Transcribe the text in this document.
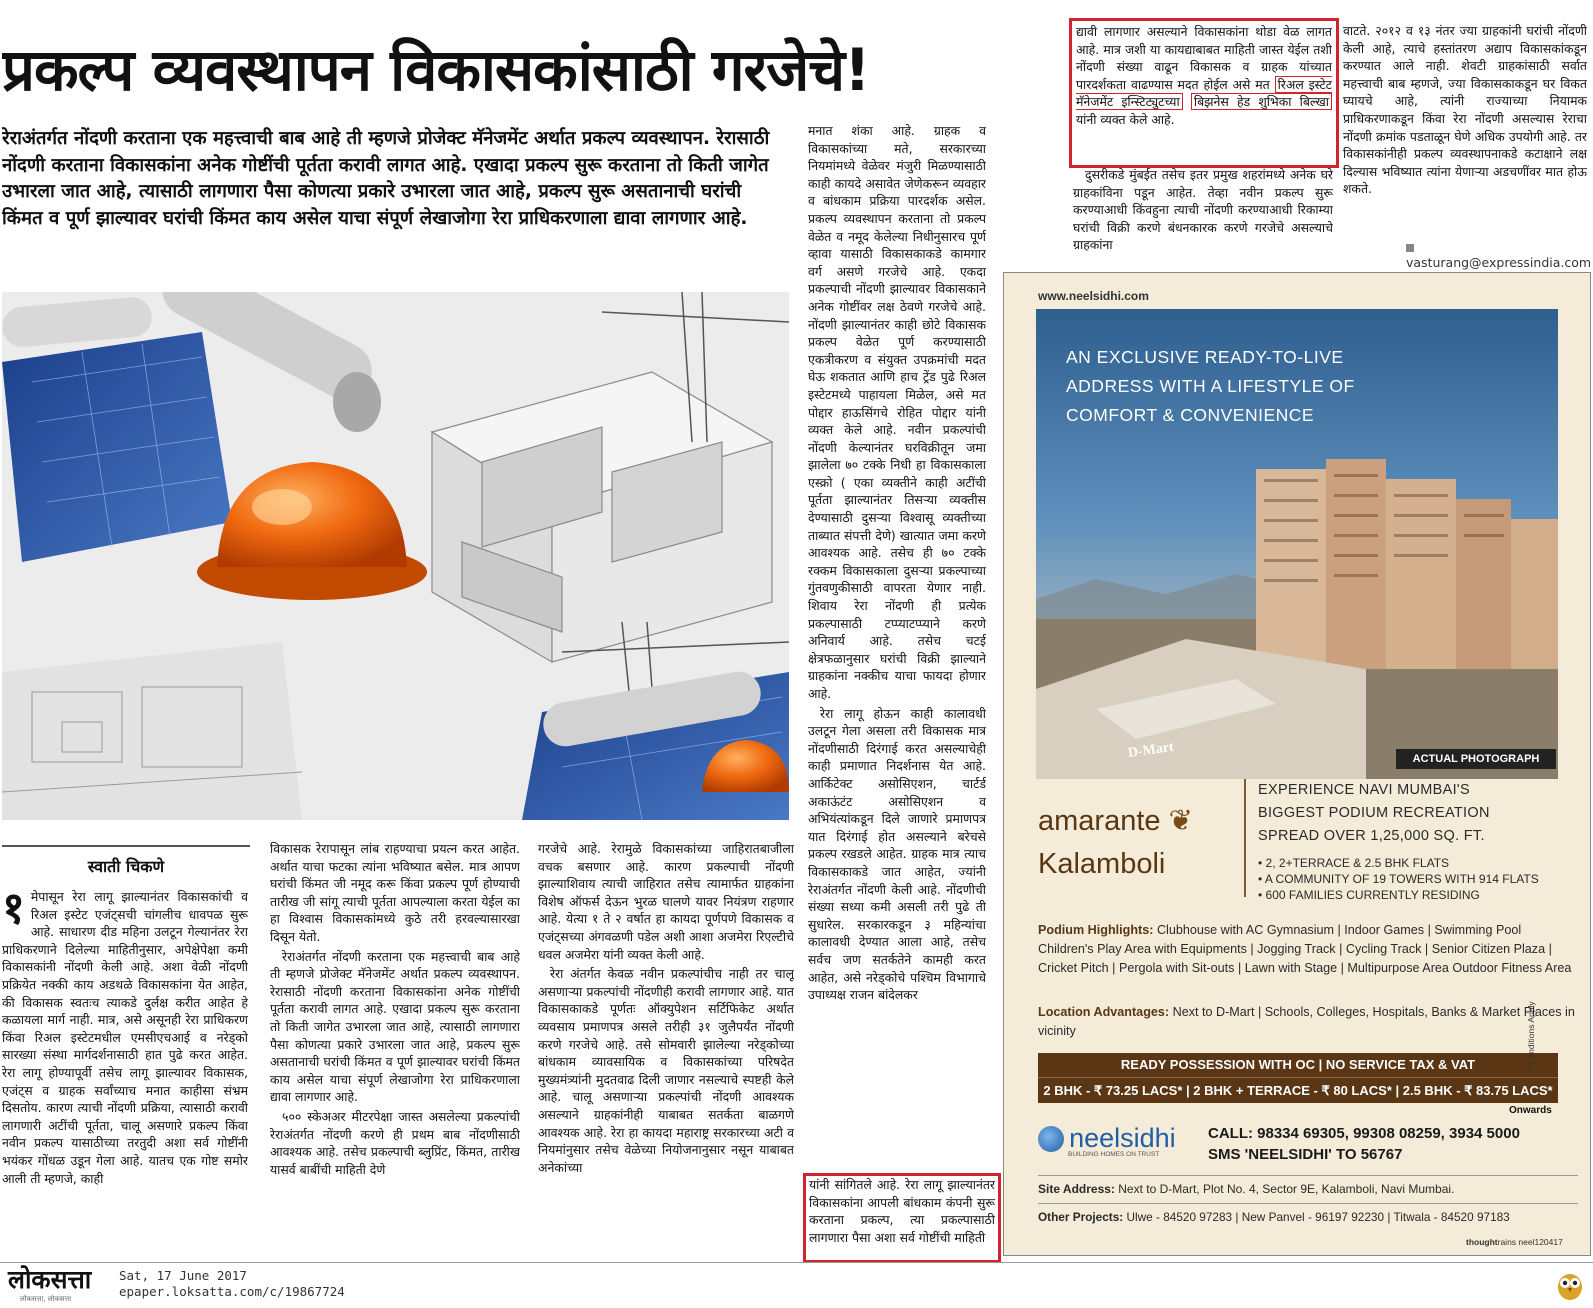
प्रकल्प व्यवस्थापन विकासकांसाठी गरजेचे!
रेराअंतर्गत नोंदणी करताना एक महत्त्वाची बाब आहे ती म्हणजे प्रोजेक्ट मॅनेजमेंट अर्थात प्रकल्प व्यवस्थापन. रेरासाठी नोंदणी करताना विकासकांना अनेक गोष्टींची पूर्तता करावी लागत आहे. एखादा प्रकल्प सुरू करताना तो किती जागेत उभारला जात आहे, त्यासाठी लागणारा पैसा कोणत्या प्रकारे उभारला जात आहे, प्रकल्प सुरू असतानाची घरांची किंमत व पूर्ण झाल्यावर घरांची किंमत काय असेल याचा संपूर्ण लेखाजोगा रेरा प्राधिकरणाला द्यावा लागणार आहे.
स्वाती चिकणे
१ मेपासून रेरा लागू झाल्यानंतर विकासकांची व रिअल इस्टेट एजंट्सची चांगलीच धावपळ सुरू आहे. साधारण दीड महिना उलटून गेल्यानंतर रेरा प्राधिकरणाने दिलेल्या माहितीनुसार, अपेक्षेपेक्षा कमी विकासकांनी नोंदणी केली आहे. अशा वेळी नोंदणी प्रक्रियेत नक्की काय अडथळे विकासकांना येत आहेत, की विकासक स्वतःच त्याकडे दुर्लक्ष करीत आहेत हे कळायला मार्ग नाही. मात्र, असे असूनही रेरा प्राधिकरण किंवा रिअल इस्टेटमधील एमसीएचआई व नरेड्को सारख्या संस्था मार्गदर्शनासाठी हात पुढे करत आहेत. रेरा लागू होण्यापूर्वी तसेच लागू झाल्यावर विकासक, एजंट्स व ग्राहक सर्वांच्याच मनात काहीसा संभ्रम दिसतोय. कारण त्याची नोंदणी प्रक्रिया, त्यासाठी करावी लागणारी अटींची पूर्तता, चालू असणारे प्रकल्प किंवा नवीन प्रकल्प यासाठीच्या तरतुदी अशा सर्व गोष्टींनी भयंकर गोंधळ उडून गेला आहे. यातच एक गोष्ट समोर आली ती म्हणजे, काही

विकासक रेरापासून लांब राहण्याचा प्रयत्न करत आहेत. अर्थात याचा फटका त्यांना भविष्यात बसेल. मात्र आपण घरांची किंमत जी नमूद करू किंवा प्रकल्प पूर्ण होण्याची तारीख जी सांगू त्याची पूर्तता आपल्याला करता येईल का हा विश्वास विकासकांमध्ये कुठे तरी हरवल्यासारखा दिसून येतो.

रेराअंतर्गत नोंदणी करताना एक महत्त्वाची बाब आहे ती म्हणजे प्रोजेक्ट मॅनेजमेंट अर्थात प्रकल्प व्यवस्थापन. रेरासाठी नोंदणी करताना विकासकांना अनेक गोष्टींची पूर्तता करावी लागत आहे. एखादा प्रकल्प सुरू करताना तो किती जागेत उभारला जात आहे, त्यासाठी लागणारा पैसा कोणत्या प्रकारे उभारला जात आहे, प्रकल्प सुरू असतानाची घरांची किंमत व पूर्ण झाल्यावर घरांची किंमत काय असेल याचा संपूर्ण लेखाजोगा रेरा प्राधिकरणाला द्यावा लागणार आहे.

५०० स्केअअर मीटरपेक्षा जास्त असलेल्या प्रकल्पांची रेराअंतर्गत नोंदणी करणे ही प्रथम बाब नोंदणीसाठी आवश्यक आहे. तसेच प्रकल्पाची ब्लुप्रिंट, किंमत, तारीख यासर्व बाबींची माहिती देणे

गरजेचे आहे. रेरामुळे विकासकांच्या जाहिरातबाजीला वचक बसणार आहे. कारण प्रकल्पाची नोंदणी झाल्याशिवाय त्याची जाहिरात तसेच त्यामार्फत ग्राहकांना विशेष ऑफर्स देऊन भुरळ घालणे यावर नियंत्रण राहणार आहे. येत्या १ ते २ वर्षात हा कायदा पूर्णपणे विकासक व एजंट्सच्या अंगवळणी पडेल अशी आशा अजमेरा रिएल्टीचे धवल अजमेरा यांनी व्यक्त केली आहे.

रेरा अंतर्गत केवळ नवीन प्रकल्पांचीच नाही तर चालू असणाऱ्या प्रकल्पांची नोंदणीही करावी लागणार आहे. यात विकासकाकडे पूर्णतः ऑक्युपेशन सर्टिफिकेट अर्थात व्यवसाय प्रमाणपत्र असले तरीही ३१ जुलैपर्यंत नोंदणी करणे गरजेचे आहे. तसे सोमवारी झालेल्या नरेड्कोच्या बांधकाम व्यावसायिक व विकासकांच्या परिषदेत मुख्यमंत्र्यांनी मुदतवाढ दिली जाणार नसल्याचे स्पष्टही केले आहे. चालू असणाऱ्या प्रकल्पांची नोंदणी आवश्यक असल्याने ग्राहकांनीही याबाबत सतर्कता बाळगणे आवश्यक आहे. रेरा हा कायदा महाराष्ट्र सरकारच्या अटी व नियमांनुसार तसेच वेळेच्या नियोजनानुसार नसून याबाबत अनेकांच्या

मनात शंका आहे. ग्राहक व विकासकांच्या मते, सरकारच्या नियमांमध्ये वेळेवर मंजुरी मिळण्यासाठी काही कायदे असावेत जेणेकरून व्यवहार व बांधकाम प्रक्रिया पारदर्शक असेल. प्रकल्प व्यवस्थापन करताना तो प्रकल्प वेळेत व नमूद केलेल्या निधीनुसारच पूर्ण व्हावा यासाठी विकासकाकडे कामगार वर्ग असणे गरजेचे आहे. एकदा प्रकल्पाची नोंदणी झाल्यावर विकासकाने अनेक गोष्टींवर लक्ष ठेवणे गरजेचे आहे. नोंदणी झाल्यानंतर काही छोटे विकासक प्रकल्प वेळेत पूर्ण करण्यासाठी एकत्रीकरण व संयुक्त उपक्रमांची मदत घेऊ शकतात आणि हाच ट्रेंड पुढे रिअल इस्टेटमध्ये पाहायला मिळेल, असे मत पोद्दार हाऊसिंगचे रोहित पोद्दार यांनी व्यक्त केले आहे. नवीन प्रकल्पांची नोंदणी केल्यानंतर घरविक्रीतून जमा झालेला ७० टक्के निधी हा विकासकाला एस्क्रो ( एका व्यक्तीने काही अटींची पूर्तता झाल्यानंतर तिसऱ्या व्यक्तीस देण्यासाठी दुसऱ्या विश्वासू व्यक्तीच्या ताब्यात संपत्ती देणे) खात्यात जमा करणे आवश्यक आहे. तसेच ही ७० टक्के रक्कम विकासकाला दुसऱ्या प्रकल्पाच्या गुंतवणुकीसाठी वापरता येणार नाही. शिवाय रेरा नोंदणी ही प्रत्येक प्रकल्पासाठी टप्प्याटप्प्याने करणे अनिवार्य आहे. तसेच चटई क्षेत्रफळानुसार घरांची विक्री झाल्याने ग्राहकांना नक्कीच याचा फायदा होणार आहे.

रेरा लागू होऊन काही कालावधी उलटून गेला असला तरी विकासक मात्र नोंदणीसाठी दिरंगाई करत असल्याचेही काही प्रमाणात निदर्शनास येत आहे. आर्किटेक्ट असोसिएशन, चार्टर्ड अकाऊंटंट असोसिएशन व अभियंत्यांकडून दिले जाणारे प्रमाणपत्र यात दिरंगाई होत असल्याने बरेचसे प्रकल्प रखडले आहेत. ग्राहक मात्र त्याच विकासकाकडे जात आहेत, ज्यांनी रेराअंतर्गत नोंदणी केली आहे. नोंदणीची संख्या सध्या कमी असली तरी पुढे ती सुधारेल. सरकारकडून ३ महिन्यांचा कालावधी देण्यात आला आहे, तसेच सर्वच जण सतर्कतेने कामही करत आहेत, असे नरेड्कोचे पश्चिम विभागाचे उपाध्यक्ष राजन बांदेलकर

यांनी सांगितले आहे. रेरा लागू झाल्यानंतर विकासकांना आपली बांधकाम कंपनी सुरू करताना प्रकल्प, त्या प्रकल्पासाठी लागणारा पैसा अशा सर्व गोष्टींची माहिती
द्यावी लागणार असल्याने विकासकांना थोडा वेळ लागत आहे. मात्र जशी या कायद्याबाबत माहिती जास्त येईल तशी नोंदणी संख्या वाढून विकासक व ग्राहक यांच्यात पारदर्शकता वाढण्यास मदत होईल असे मत रिअल इस्टेट मॅनेजमेंट इन्स्टिट्युटच्या बिझनेस हेड शुभिका बिल्खा यांनी व्यक्त केले आहे.

दुसरीकडे मुंबईत तसेच इतर प्रमुख शहरांमध्ये अनेक घरे ग्राहकांविना पडून आहेत. तेव्हा नवीन प्रकल्प सुरू करण्याआधी किंवहुना त्याची नोंदणी करण्याआधी रिकाम्या घरांची विक्री करणे बंधनकारक करणे गरजेचे असल्याचे ग्राहकांना

वाटते. २०१२ व १३ नंतर ज्या ग्राहकांनी घरांची नोंदणी केली आहे, त्याचे हस्तांतरण अद्याप विकासकांकडून करण्यात आले नाही. शेवटी ग्राहकांसाठी सर्वात महत्त्वाची बाब म्हणजे, ज्या विकासकाकडून घर विकत घ्यायचे आहे, त्यांनी राज्याच्या नियामक प्राधिकरणाकडून किंवा रेरा नोंदणी असल्यास रेराचा नोंदणी क्रमांक पडताळून घेणे अधिक उपयोगी आहे. तर विकासकांनीही प्रकल्प व्यवस्थापनाकडे कटाक्षाने लक्ष दिल्यास भविष्यात त्यांना येणाऱ्या अडचणींवर मात होऊ शकते.
vasturang@expressindia.com
www.neelsidhi.com
AN EXCLUSIVE READY-TO-LIVE
ADDRESS WITH A LIFESTYLE OF
COMFORT & CONVENIENCE
D-Mart	ACTUAL PHOTOGRAPH
amarante ❦
Kalamboli
EXPERIENCE NAVI MUMBAI'S
BIGGEST PODIUM RECREATION
SPREAD OVER 1,25,000 SQ. FT.
• 2, 2+TERRACE & 2.5 BHK FLATS
• A COMMUNITY OF 19 TOWERS WITH 914 FLATS
• 600 FAMILIES CURRENTLY RESIDING
Podium Highlights: Clubhouse with AC Gymnasium | Indoor Games | Swimming Pool Children's Play Area with Equipments | Jogging Track | Cycling Track | Senior Citizen Plaza | Cricket Pitch | Pergola with Sit-outs | Lawn with Stage | Multipurpose Area Outdoor Fitness Area
Location Advantages: Next to D-Mart | Schools, Colleges, Hospitals, Banks & Market Places in vicinity
READY POSSESSION WITH OC | NO SERVICE TAX & VAT
2 BHK - ₹ 73.25 LACS* | 2 BHK + TERRACE - ₹ 80 LACS* | 2.5 BHK - ₹ 83.75 LACS*
Onwards
*Conditions Apply
neelsidhi
BUILDING HOMES ON TRUST
CALL: 98334 69305, 99308 08259, 3934 5000
SMS 'NEELSIDHI' TO 56767
Site Address: Next to D-Mart, Plot No. 4, Sector 9E, Kalamboli, Navi Mumbai.
Other Projects: Ulwe - 84520 97283 | New Panvel - 96197 92230 | Titwala - 84520 97183
thoughtrains neel120417
लोकसत्ता
लोकसत्ता, लोकसत्ता
Sat, 17 June 2017
epaper.loksatta.com/c/19867724
